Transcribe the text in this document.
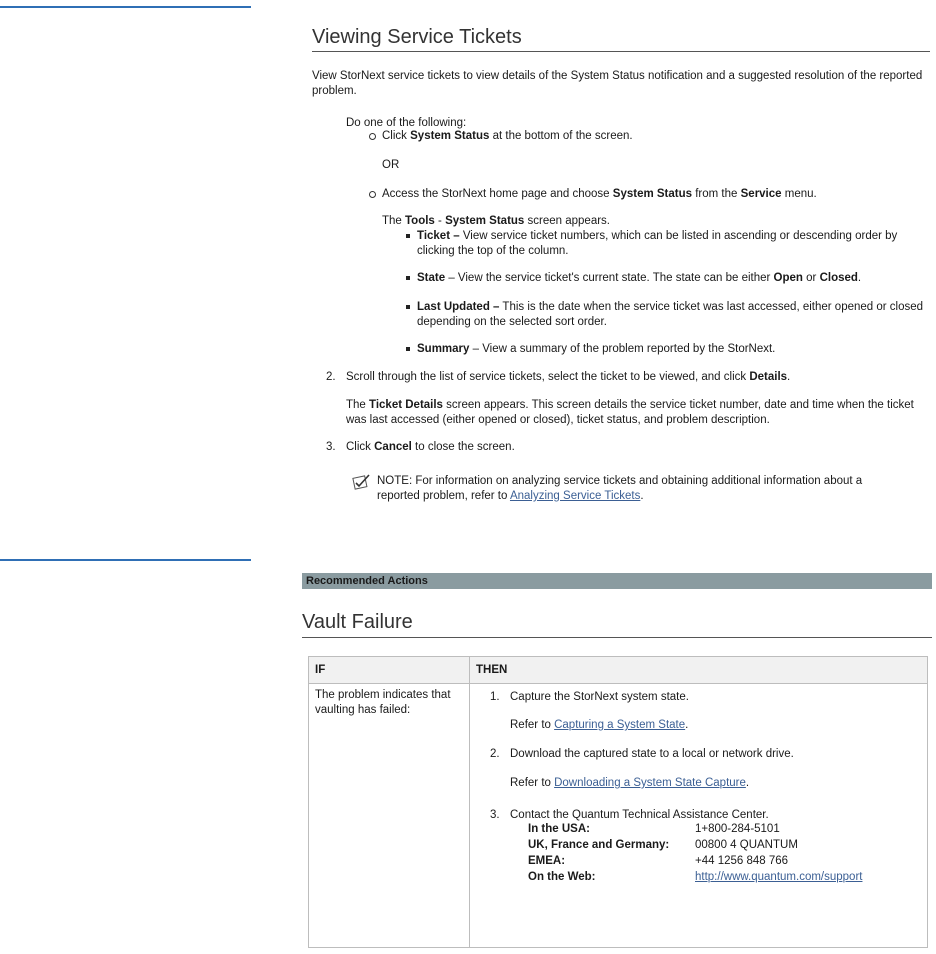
Viewing Service Tickets
View StorNext service tickets to view details of the System Status notification and a suggested resolution of the reported
problem.
Do one of the following:
Click System Status at the bottom of the screen.
OR
Access the StorNext home page and choose System Status from the Service menu.
The Tools - System Status screen appears.
Ticket – View service ticket numbers, which can be listed in ascending or descending order by
clicking the top of the column.
State – View the service ticket's current state. The state can be either Open or Closed.
Last Updated – This is the date when the service ticket was last accessed, either opened or closed
depending on the selected sort order.
Summary – View a summary of the problem reported by the StorNext.
2. Scroll through the list of service tickets, select the ticket to be viewed, and click Details.
The Ticket Details screen appears. This screen details the service ticket number, date and time when the ticket
was last accessed (either opened or closed), ticket status, and problem description.
3. Click Cancel to close the screen.
NOTE: For information on analyzing service tickets and obtaining additional information about a
reported problem, refer to Analyzing Service Tickets.
Recommended Actions
Vault Failure
IF	THEN

The problem indicates that
vaulting has failed:	

1. Capture the StorNext system state.
Refer to Capturing a System State.
2. Download the captured state to a local or network drive.
Refer to Downloading a System State Capture.
3. Contact the Quantum Technical Assistance Center.
In the USA:	1+800-284-5101
UK, France and Germany:	00800 4 QUANTUM
EMEA:	+44 1256 848 766
On the Web:	http://www.quantum.com/support
